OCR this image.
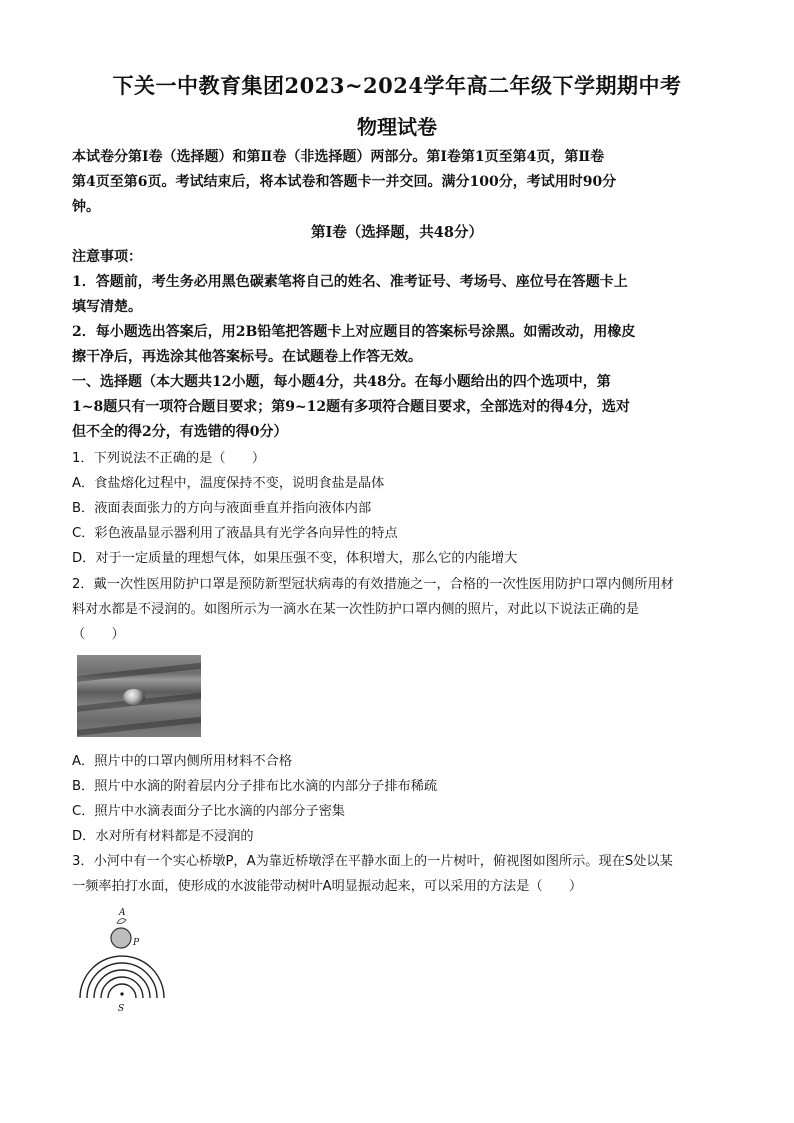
下关一中教育集团2023~2024学年高二年级下学期期中考
物理试卷
本试卷分第Ⅰ卷（选择题）和第Ⅱ卷（非选择题）两部分。第Ⅰ卷第1页至第4页，第Ⅱ卷
第4页至第6页。考试结束后，将本试卷和答题卡一并交回。满分100分，考试用时90分
钟。
第Ⅰ卷（选择题，共48分）
注意事项：
1．答题前，考生务必用黑色碳素笔将自己的姓名、准考证号、考场号、座位号在答题卡上
填写清楚。
2．每小题选出答案后，用2B铅笔把答题卡上对应题目的答案标号涂黑。如需改动，用橡皮
擦干净后，再选涂其他答案标号。在试题卷上作答无效。
一、选择题（本大题共12小题，每小题4分，共48分。在每小题给出的四个选项中，第
1~8题只有一项符合题目要求；第9~12题有多项符合题目要求，全部选对的得4分，选对
但不全的得2分，有选错的得0分）
1．下列说法不正确的是（　　）
A．食盐熔化过程中，温度保持不变，说明食盐是晶体
B．液面表面张力的方向与液面垂直并指向液体内部
C．彩色液晶显示器利用了液晶具有光学各向异性的特点
D．对于一定质量的理想气体，如果压强不变，体积增大，那么它的内能增大
2．戴一次性医用防护口罩是预防新型冠状病毒的有效措施之一，合格的一次性医用防护口罩内侧所用材
料对水都是不浸润的。如图所示为一滴水在某一次性防护口罩内侧的照片，对此以下说法正确的是
（　　）
A．照片中的口罩内侧所用材料不合格
B．照片中水滴的附着层内分子排布比水滴的内部分子排布稀疏
C．照片中水滴表面分子比水滴的内部分子密集
D．水对所有材料都是不浸润的
3．小河中有一个实心桥墩P，A为靠近桥墩浮在平静水面上的一片树叶，俯视图如图所示。现在S处以某
一频率拍打水面，使形成的水波能带动树叶A明显振动起来，可以采用的方法是（　　）
A
P
S
